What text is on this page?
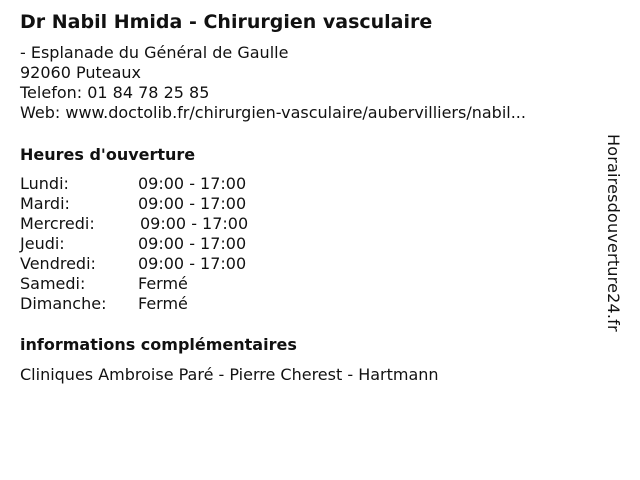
Dr Nabil Hmida - Chirurgien vasculaire
- Esplanade du Général de Gaulle
92060 Puteaux
Telefon: 01 84 78 25 85
Web: www.doctolib.fr/chirurgien-vasculaire/aubervilliers/nabil...
Heures d'ouverture
Lundi:	09:00 - 17:00
Mardi:	09:00 - 17:00
Mercredi:	09:00 - 17:00
Jeudi:	09:00 - 17:00
Vendredi:	09:00 - 17:00
Samedi:	Fermé
Dimanche: Fermé
informations complémentaires
Cliniques Ambroise Paré - Pierre Cherest - Hartmann
Horairesdouverture24.fr
